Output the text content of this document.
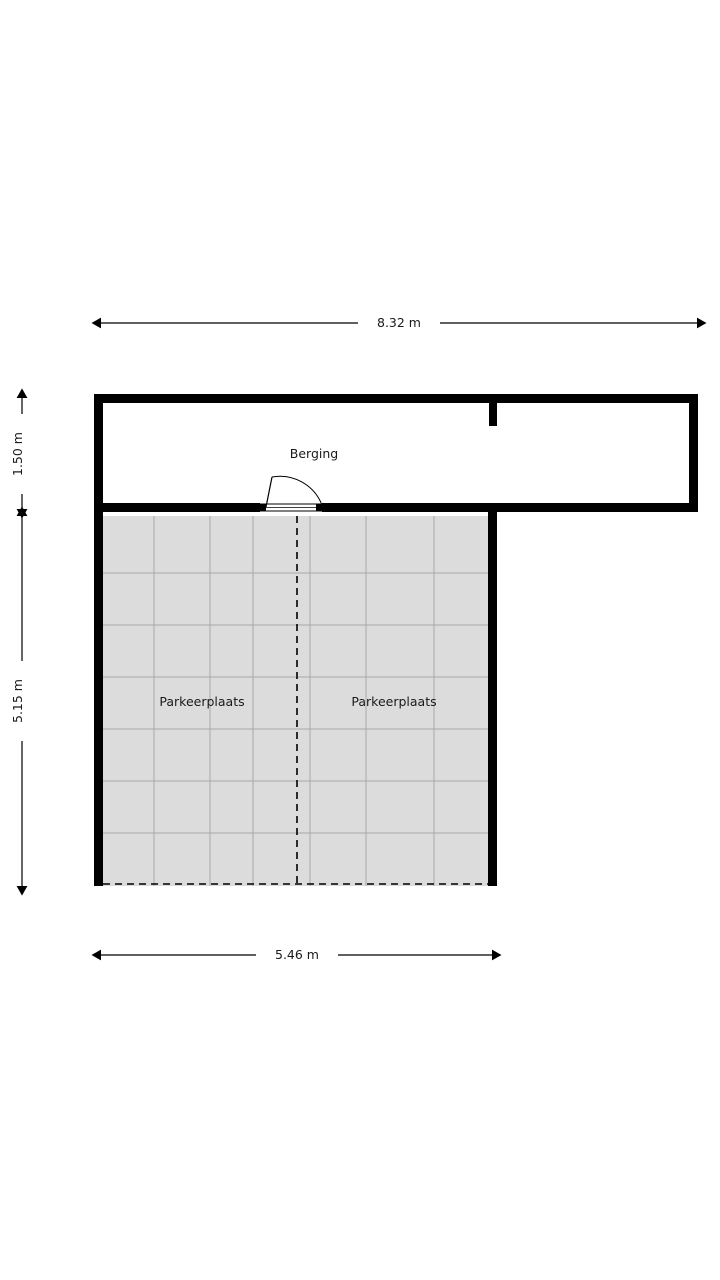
Berging
Parkeerplaats	Parkeerplaats
8.32 m
5.46 m
1.50 m
5.15 m
